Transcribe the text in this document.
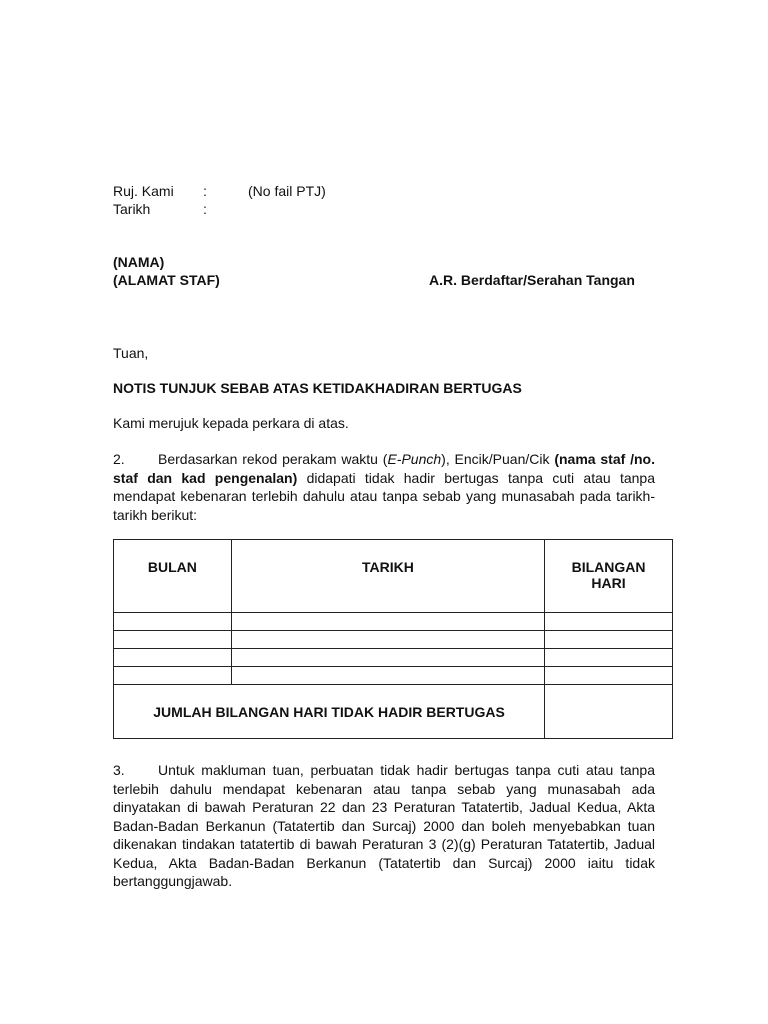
Ruj. Kami :	(No fail PTJ)
Tarikh	:
(NAMA)
(ALAMAT STAF)	A.R. Berdaftar/Serahan Tangan
Tuan,
NOTIS TUNJUK SEBAB ATAS KETIDAKHADIRAN BERTUGAS
Kami merujuk kepada perkara di atas.
2. Berdasarkan rekod perakam waktu (E-Punch), Encik/Puan/Cik (nama staf /no. staf dan kad pengenalan) didapati tidak hadir bertugas tanpa cuti atau tanpa mendapat kebenaran terlebih dahulu atau tanpa sebab yang munasabah pada tarikh-tarikh berikut:
BULAN	TARIKH	BILANGAN HARI

JUMLAH BILANGAN HARI TIDAK HADIR BERTUGAS		
3. Untuk makluman tuan, perbuatan tidak hadir bertugas tanpa cuti atau tanpa terlebih dahulu mendapat kebenaran atau tanpa sebab yang munasabah ada dinyatakan di bawah Peraturan 22 dan 23 Peraturan Tatatertib, Jadual Kedua, Akta Badan-Badan Berkanun (Tatatertib dan Surcaj) 2000 dan boleh menyebabkan tuan dikenakan tindakan tatatertib di bawah Peraturan 3 (2)(g) Peraturan Tatatertib, Jadual Kedua, Akta Badan-Badan Berkanun (Tatatertib dan Surcaj) 2000 iaitu tidak bertanggungjawab.
